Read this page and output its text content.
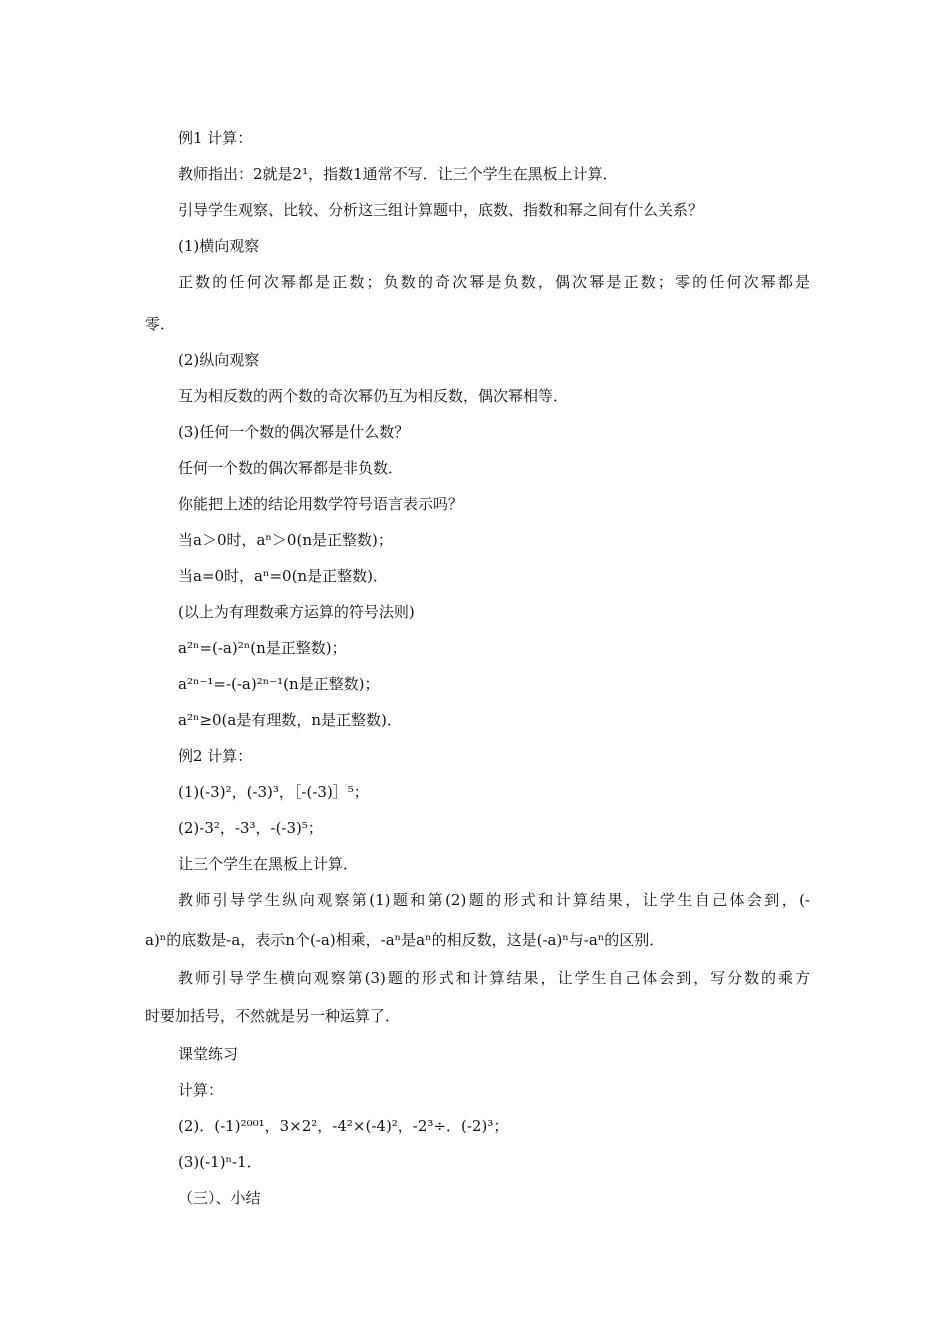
例1 计算：
教师指出：2就是2¹，指数1通常不写．让三个学生在黑板上计算．
引导学生观察、比较、分析这三组计算题中，底数、指数和幂之间有什么关系？
(1)横向观察
正数的任何次幂都是正数；负数的奇次幂是负数，偶次幂是正数；零的任何次幂都是
零．
(2)纵向观察
互为相反数的两个数的奇次幂仍互为相反数，偶次幂相等．
(3)任何一个数的偶次幂是什么数？
任何一个数的偶次幂都是非负数．
你能把上述的结论用数学符号语言表示吗？
当a＞0时，aⁿ＞0(n是正整数)；
当a=0时，aⁿ=0(n是正整数)．
(以上为有理数乘方运算的符号法则)
a²ⁿ=(-a)²ⁿ(n是正整数)；
a²ⁿ⁻¹=-(-a)²ⁿ⁻¹(n是正整数)；
a²ⁿ≥0(a是有理数，n是正整数)．
例2 计算：
(1)(-3)²，(-3)³，［-(-3)］⁵；
(2)-3²，-3³，-(-3)⁵；
让三个学生在黑板上计算．
教师引导学生纵向观察第(1)题和第(2)题的形式和计算结果，让学生自己体会到，(-
a)ⁿ的底数是-a，表示n个(-a)相乘，-aⁿ是aⁿ的相反数，这是(-a)ⁿ与-aⁿ的区别．
教师引导学生横向观察第(3)题的形式和计算结果，让学生自己体会到，写分数的乘方
时要加括号，不然就是另一种运算了．
课堂练习
计算：
(2)．(-1)²⁰⁰¹，3×2²，-4²×(-4)²，-2³÷．(-2)³；
(3)(-1)ⁿ-1．
（三）、小结
